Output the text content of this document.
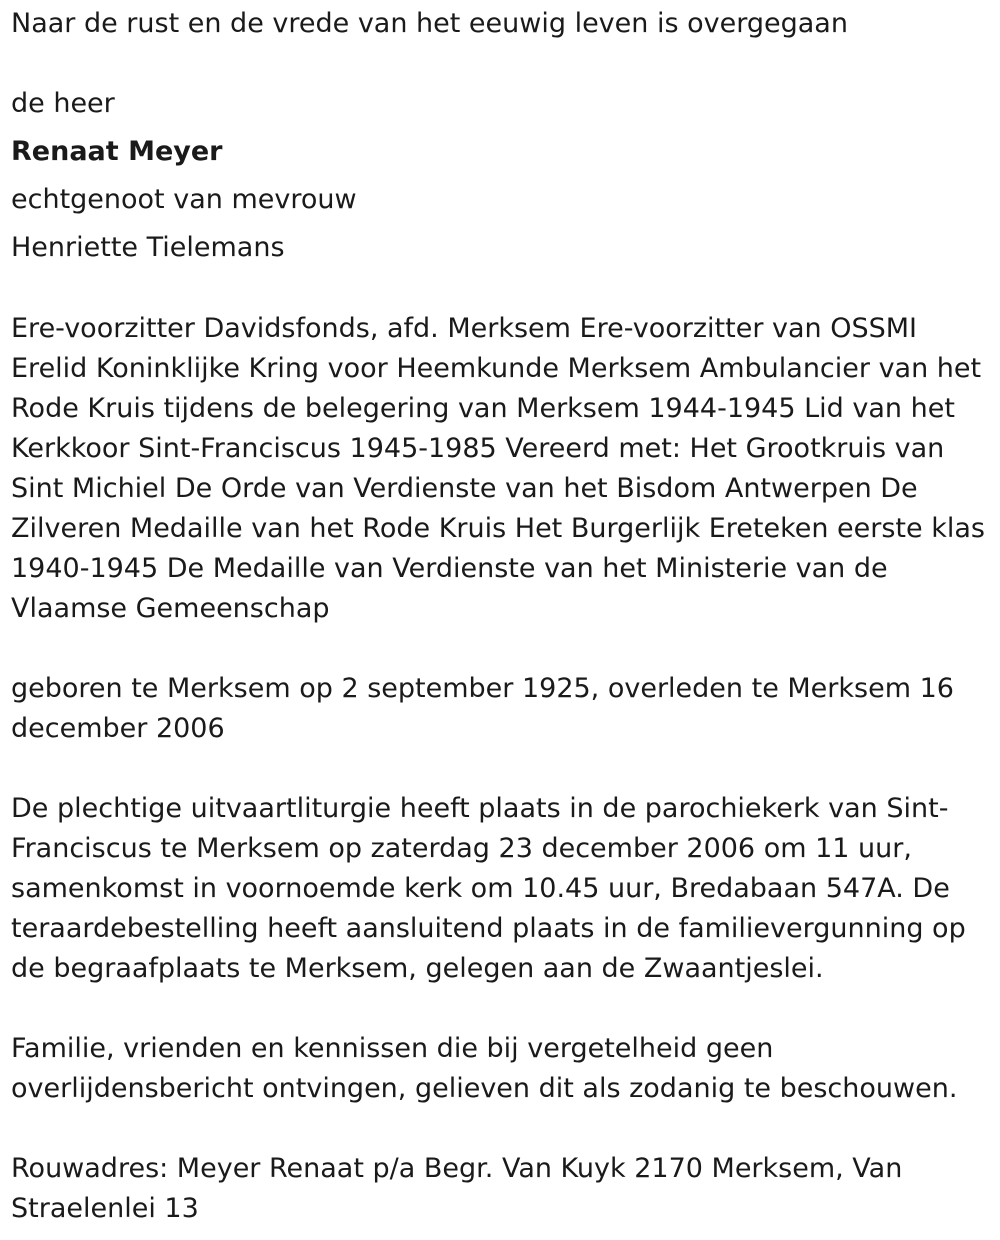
Naar de rust en de vrede van het eeuwig leven is overgegaan
de heer
Renaat Meyer
echtgenoot van mevrouw
Henriette Tielemans
Ere-voorzitter Davidsfonds, afd. Merksem Ere-voorzitter van OSSMI Erelid Koninklijke Kring voor Heemkunde Merksem Ambulancier van het Rode Kruis tijdens de belegering van Merksem 1944-1945 Lid van het Kerkkoor Sint-Franciscus 1945-1985 Vereerd met: Het Grootkruis van Sint Michiel De Orde van Verdienste van het Bisdom Antwerpen De Zilveren Medaille van het Rode Kruis Het Burgerlijk Ereteken eerste klas 1940-1945 De Medaille van Verdienste van het Ministerie van de Vlaamse Gemeenschap
geboren te Merksem op 2 september 1925, overleden te Merksem 16 december 2006
De plechtige uitvaartliturgie heeft plaats in de parochiekerk van Sint-Franciscus te Merksem op zaterdag 23 december 2006 om 11 uur, samenkomst in voornoemde kerk om 10.45 uur, Bredabaan 547A. De teraardebestelling heeft aansluitend plaats in de familievergunning op de begraafplaats te Merksem, gelegen aan de Zwaantjeslei.
Familie, vrienden en kennissen die bij vergetelheid geen overlijdensbericht ontvingen, gelieven dit als zodanig te beschouwen.
Rouwadres: Meyer Renaat p/a Begr. Van Kuyk 2170 Merksem, Van Straelenlei 13
